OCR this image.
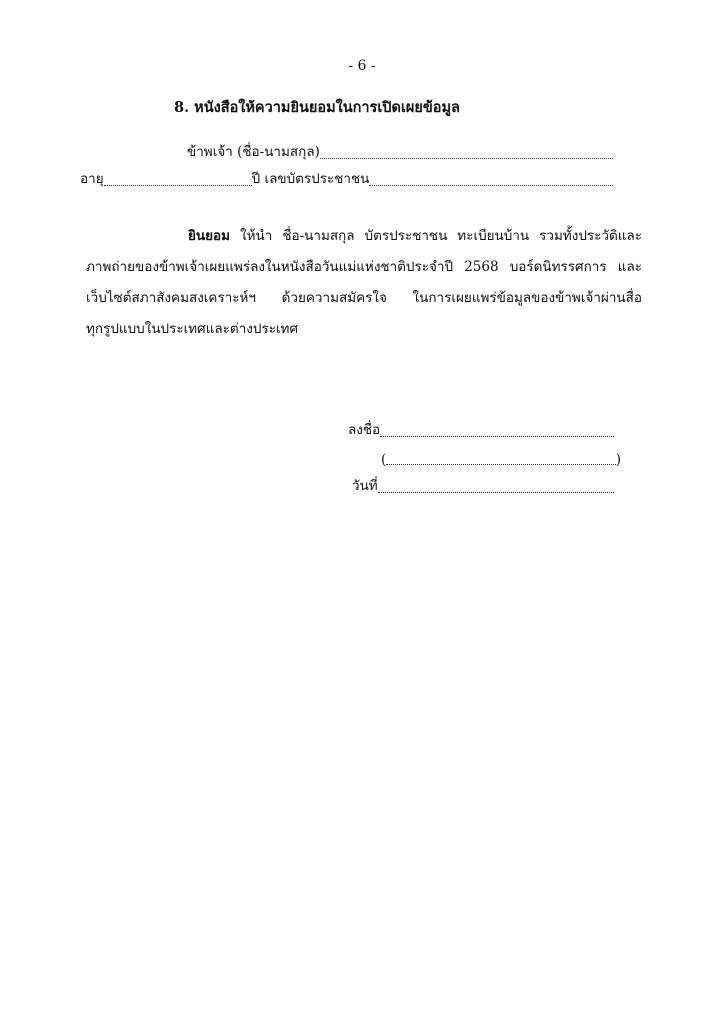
- 6 -
8. หนังสือให้ความยินยอมในการเปิดเผยข้อมูล
ข้าพเจ้า (ชื่อ-นามสกุล)
อายุ	ปี เลขบัตรประชาชน
ยินยอม ให้นำ ชื่อ-นามสกุล บัตรประชาชน ทะเบียนบ้าน รวมทั้งประวัติและ
ภาพถ่ายของข้าพเจ้าเผยแพร่ลงในหนังสือวันแม่แห่งชาติประจำปี 2568 บอร์ดนิทรรศการ และ
เว็บไซต์สภาสังคมสงเคราะห์ฯ ด้วยความสมัครใจ ในการเผยแพร่ข้อมูลของข้าพเจ้าผ่านสื่อ
ทุกรูปแบบในประเทศและต่างประเทศ
ลงชื่อ
(	)
วันที่
